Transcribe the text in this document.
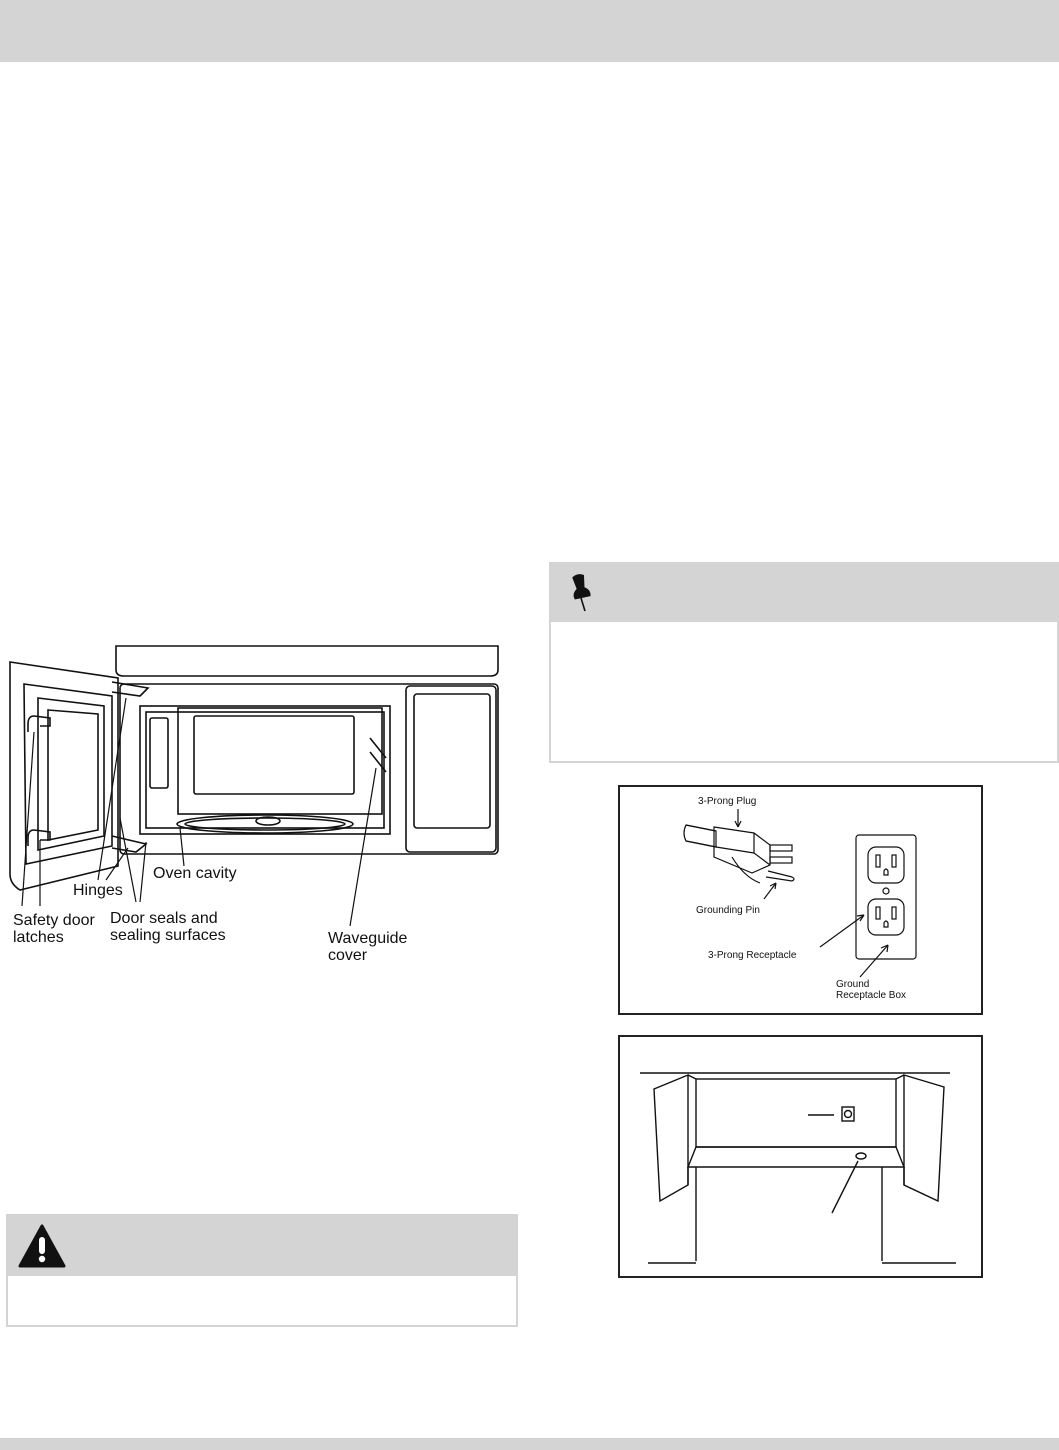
Oven cavity
Hinges
Safety door
latches
Door seals and
sealing surfaces	Waveguide
cover
3-Prong Plug
Grounding Pin
3-Prong Receptacle
Ground
Receptacle Box
